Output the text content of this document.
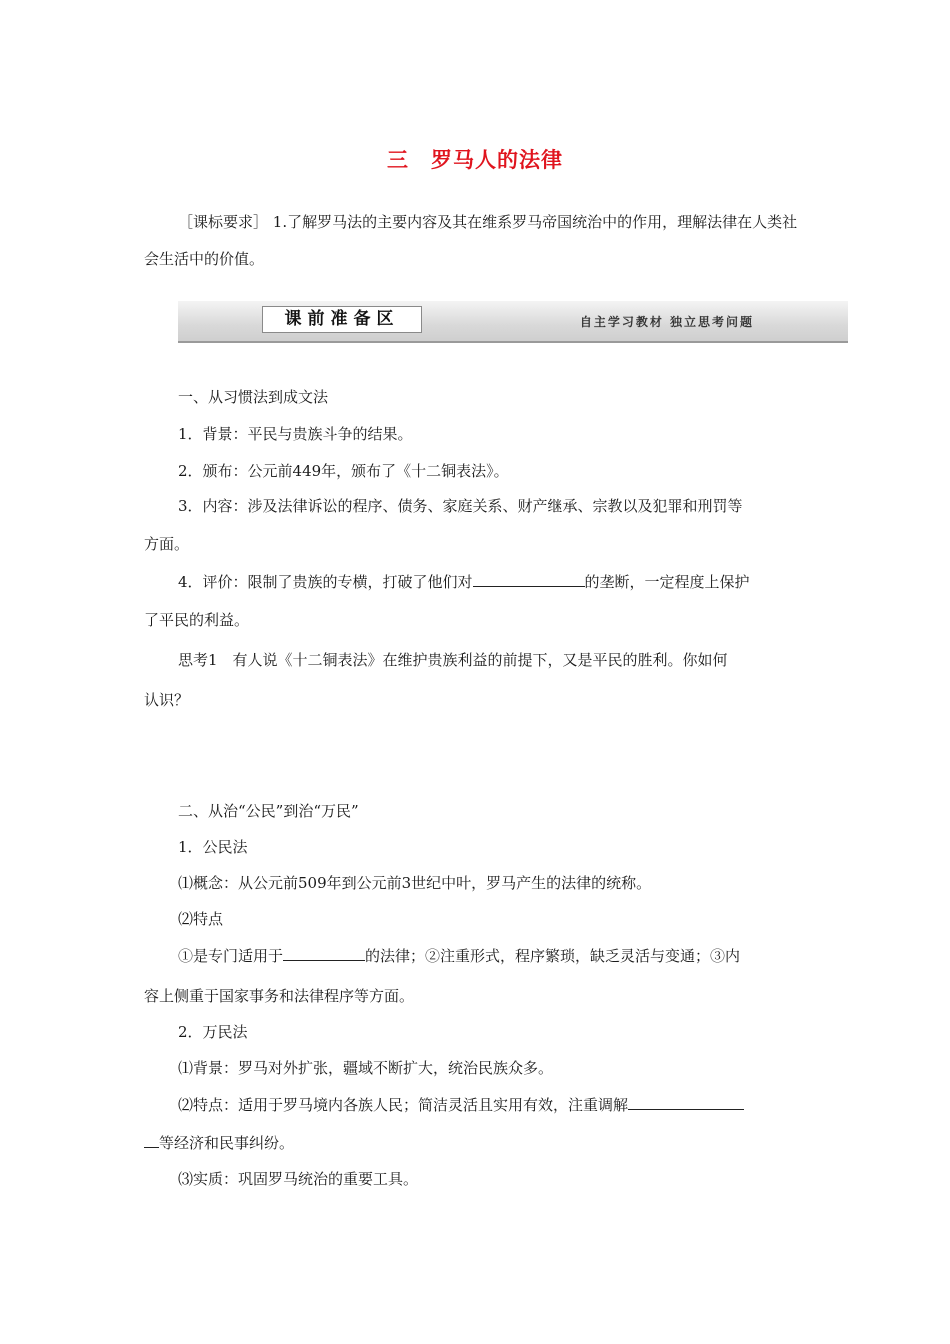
三 罗马人的法律
［课标要求］ 1.了解罗马法的主要内容及其在维系罗马帝国统治中的作用，理解法律在人类社会生活中的价值。
课前准备区	自主学习教材 独立思考问题
一、从习惯法到成文法
1．背景：平民与贵族斗争的结果。
2．颁布：公元前449年，颁布了《十二铜表法》。
3．内容：涉及法律诉讼的程序、债务、家庭关系、财产继承、宗教以及犯罪和刑罚等
方面。
4．评价：限制了贵族的专横，打破了他们对	的垄断，一定程度上保护
了平民的利益。
思考1　有人说《十二铜表法》在维护贵族利益的前提下，又是平民的胜利。你如何
认识？
二、从治“公民”到治“万民”
1．公民法
⑴概念：从公元前509年到公元前3世纪中叶，罗马产生的法律的统称。
⑵特点
①是专门适用于	的法律；②注重形式，程序繁琐，缺乏灵活与变通；③内
容上侧重于国家事务和法律程序等方面。
2．万民法
⑴背景：罗马对外扩张，疆域不断扩大，统治民族众多。
⑵特点：适用于罗马境内各族人民；简洁灵活且实用有效，注重调解
等经济和民事纠纷。
⑶实质：巩固罗马统治的重要工具。
